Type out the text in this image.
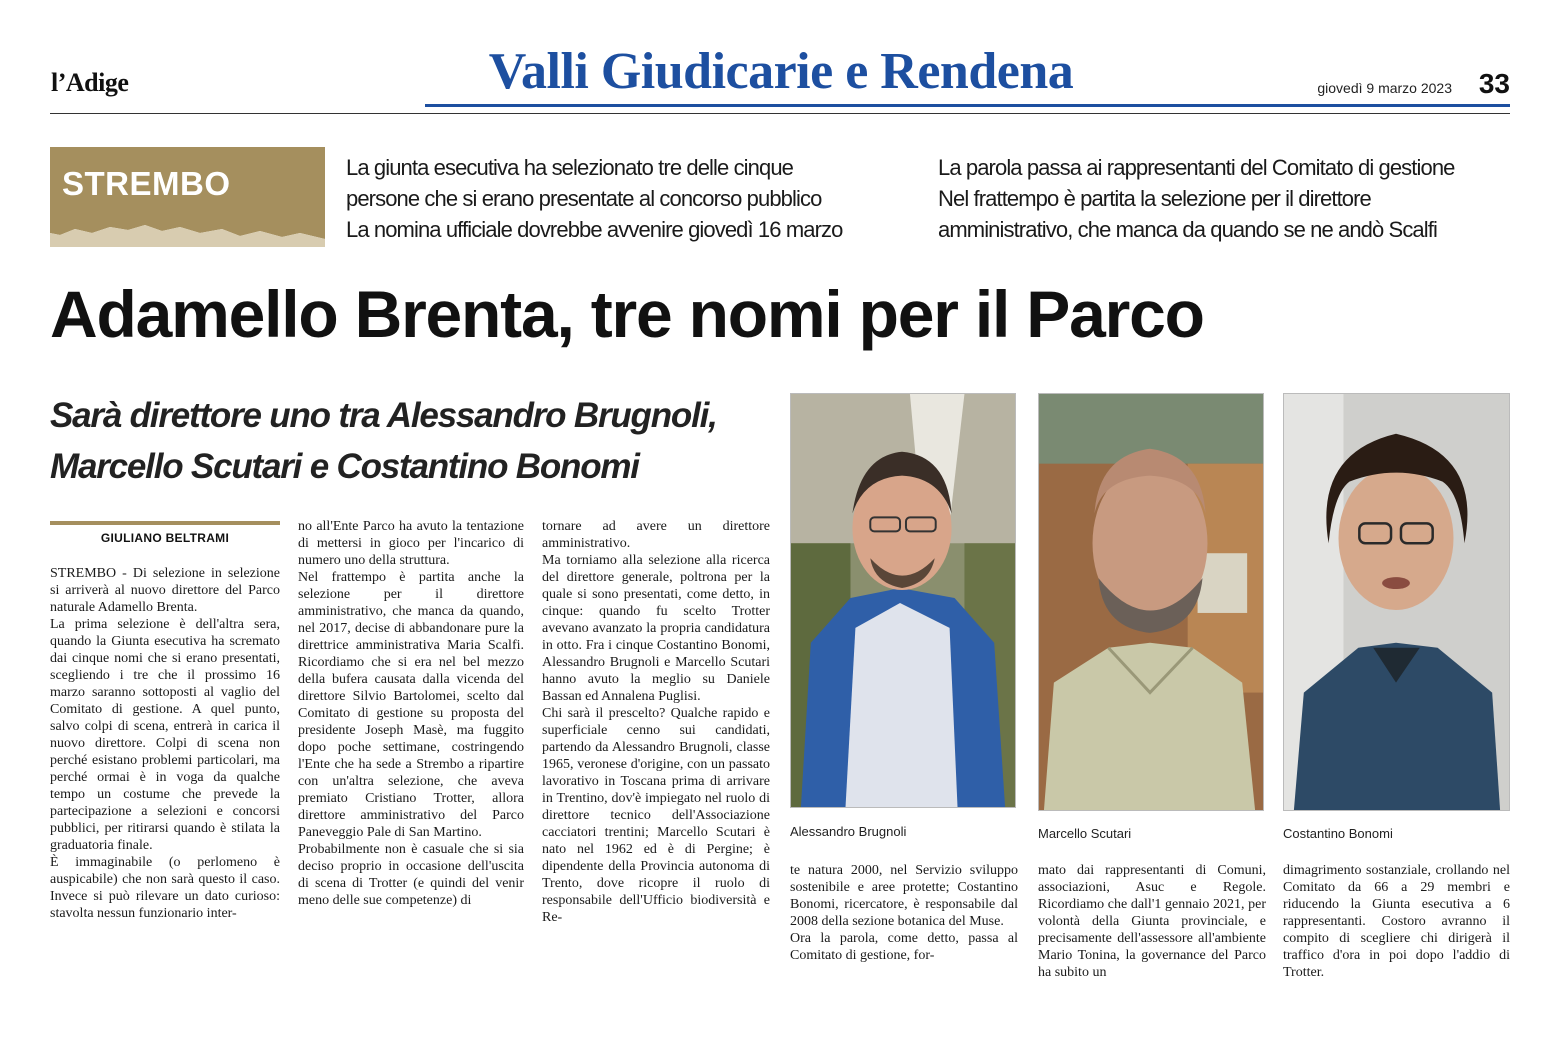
l’Adige	Valli Giudicarie e Rendena	giovedì 9 marzo 2023 33
STREMBO	La giunta esecutiva ha selezionato tre delle cinque
persone che si erano presentate al concorso pubblico
La nomina ufficiale dovrebbe avvenire giovedì 16 marzo
La parola passa ai rappresentanti del Comitato di gestione
Nel frattempo è partita la selezione per il direttore
amministrativo, che manca da quando se ne andò Scalfi
Adamello Brenta, tre nomi per il Parco
Sarà direttore uno tra Alessandro Brugnoli,
Marcello Scutari e Costantino Bonomi
GIULIANO BELTRAMI

STREMBO - Di selezione in selezione si arriverà al nuovo direttore del Parco naturale Adamello Brenta.

La prima selezione è dell'altra sera, quando la Giunta esecutiva ha scremato dai cinque nomi che si erano presentati, scegliendo i tre che il prossimo 16 marzo saranno sottoposti al vaglio del Comitato di gestione. A quel punto, salvo colpi di scena, entrerà in carica il nuovo direttore. Colpi di scena non perché esistano problemi particolari, ma perché ormai è in voga da qualche tempo un costume che prevede la partecipazione a selezioni e concorsi pubblici, per ritirarsi quando è stilata la graduatoria finale.

È immaginabile (o perlomeno è auspicabile) che non sarà questo il caso. Invece si può rilevare un dato curioso: stavolta nessun funzionario inter-

no all'Ente Parco ha avuto la tentazione di mettersi in gioco per l'incarico di numero uno della struttura.

Nel frattempo è partita anche la selezione per il direttore amministrativo, che manca da quando, nel 2017, decise di abbandonare pure la direttrice amministrativa Maria Scalfi. Ricordiamo che si era nel bel mezzo della bufera causata dalla vicenda del direttore Silvio Bartolomei, scelto dal Comitato di gestione su proposta del presidente Joseph Masè, ma fuggito dopo poche settimane, costringendo l'Ente che ha sede a Strembo a ripartire con un'altra selezione, che aveva premiato Cristiano Trotter, allora direttore amministrativo del Parco Paneveggio Pale di San Martino.

Probabilmente non è casuale che si sia deciso proprio in occasione dell'uscita di scena di Trotter (e quindi del venir meno delle sue competenze) di

tornare ad avere un direttore amministrativo.

Ma torniamo alla selezione alla ricerca del direttore generale, poltrona per la quale si sono presentati, come detto, in cinque: quando fu scelto Trotter avevano avanzato la propria candidatura in otto. Fra i cinque Costantino Bonomi, Alessandro Brugnoli e Marcello Scutari hanno avuto la meglio su Daniele Bassan ed Annalena Puglisi.

Chi sarà il prescelto? Qualche rapido e superficiale cenno sui candidati, partendo da Alessandro Brugnoli, classe 1965, veronese d'origine, con un passato lavorativo in Toscana prima di arrivare in Trentino, dov'è impiegato nel ruolo di direttore tecnico dell'Associazione cacciatori trentini; Marcello Scutari è nato nel 1962 ed è di Pergine; è dipendente della Provincia autonoma di Trento, dove ricopre il ruolo di responsabile dell'Ufficio biodiversità e Re-

te natura 2000, nel Servizio sviluppo sostenibile e aree protette; Costantino Bonomi, ricercatore, è responsabile dal 2008 della sezione botanica del Muse.

Ora la parola, come detto, passa al Comitato di gestione, for-

mato dai rappresentanti di Comuni, associazioni, Asuc e Regole. Ricordiamo che dall'1 gennaio 2021, per volontà della Giunta provinciale, e precisamente dell'assessore all'ambiente Mario Tonina, la governance del Parco ha subito un

dimagrimento sostanziale, crollando nel Comitato da 66 a 29 membri e riducendo la Giunta esecutiva a 6 rappresentanti. Costoro avranno il compito di scegliere chi dirigerà il traffico d'ora in poi dopo l'addio di Trotter.

Alessandro Brugnoli	Marcello Scutari	Costantino Bonomi
